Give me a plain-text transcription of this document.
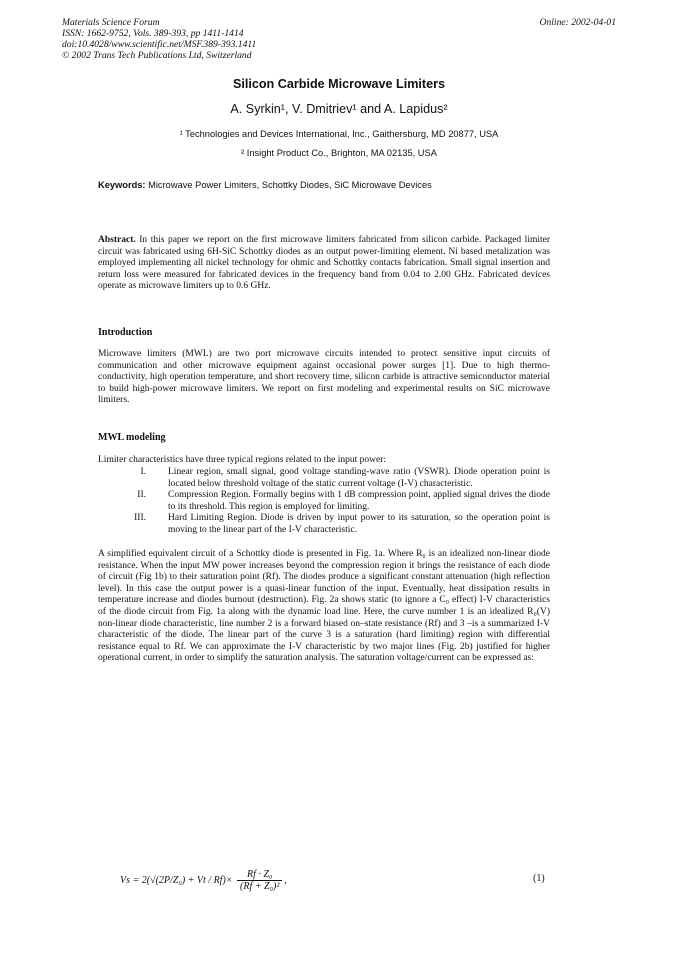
Materials Science Forum
ISSN: 1662-9752, Vols. 389-393, pp 1411-1414
doi:10.4028/www.scientific.net/MSF.389-393.1411
© 2002 Trans Tech Publications Ltd, Switzerland
Online: 2002-04-01
Silicon Carbide Microwave Limiters
A. Syrkin¹, V. Dmitriev¹ and A. Lapidus²
¹ Technologies and Devices International, Inc., Gaithersburg, MD 20877, USA
² Insight Product Co., Brighton, MA 02135, USA
Keywords: Microwave Power Limiters, Schottky Diodes, SiC Microwave Devices
Abstract. In this paper we report on the first microwave limiters fabricated from silicon carbide. Packaged limiter circuit was fabricated using 6H-SiC Schottky diodes as an output power-limiting element. Ni based metalization was employed implementing all nickel technology for ohmic and Schottky contacts fabrication. Small signal insertion and return loss were measured for fabricated devices in the frequency band from 0.04 to 2.00 GHz. Fabricated devices operate as microwave limiters up to 0.6 GHz.
Introduction
Microwave limiters (MWL) are two port microwave circuits intended to protect sensitive input circuits of communication and other microwave equipment against occasional power surges [1]. Due to high thermo-conductivity, high operation temperature, and short recovery time, silicon carbide is attractive semiconductor material to build high-power microwave limiters. We report on first modeling and experimental results on SiC microwave limiters.
MWL modeling
Limiter characteristics have three typical regions related to the input power:
I.	Linear region, small signal, good voltage standing-wave ratio (VSWR). Diode operation point is located below threshold voltage of the static current voltage (I-V) characteristic.
II.	Compression Region. Formally begins with 1 dB compression point, applied signal drives the diode to its threshold. This region is employed for limiting.
III.	Hard Limiting Region. Diode is driven by input power to its saturation, so the operation point is moving to the linear part of the I-V characteristic.
A simplified equivalent circuit of a Schottky diode is presented in Fig. 1a. Where R₀ is an idealized non-linear diode resistance. When the input MW power increases beyond the compression region it brings the resistance of each diode of circuit (Fig 1b) to their saturation point (Rf). The diodes produce a significant constant attenuation (high reflection level). In this case the output power is a quasi-linear function of the input. Eventually, heat dissipation results in temperature increase and diodes burnout (destruction). Fig. 2a shows static (to ignore a C₀ effect) I-V characteristics of the diode circuit from Fig. 1a along with the dynamic load line. Here, the curve number 1 is an idealized R₀(V) non-linear diode characteristic, line number 2 is a forward biased on–state resistance (Rf) and 3 –is a summarized I-V characteristic of the diode. The linear part of the curve 3 is a saturation (hard limiting) region with differential resistance equal to Rf. We can approximate the I-V characteristic by two major lines (Fig. 2b) justified for higher operational current, in order to simplify the saturation analysis. The saturation voltage/current can be expressed as:
$Vs = 2(√(2P/Z_0) + Vt / Rf)\times \frac{\text{Rf · Z₀}}{\text{(Rf + Z₀)²}}$ ,	(1)
